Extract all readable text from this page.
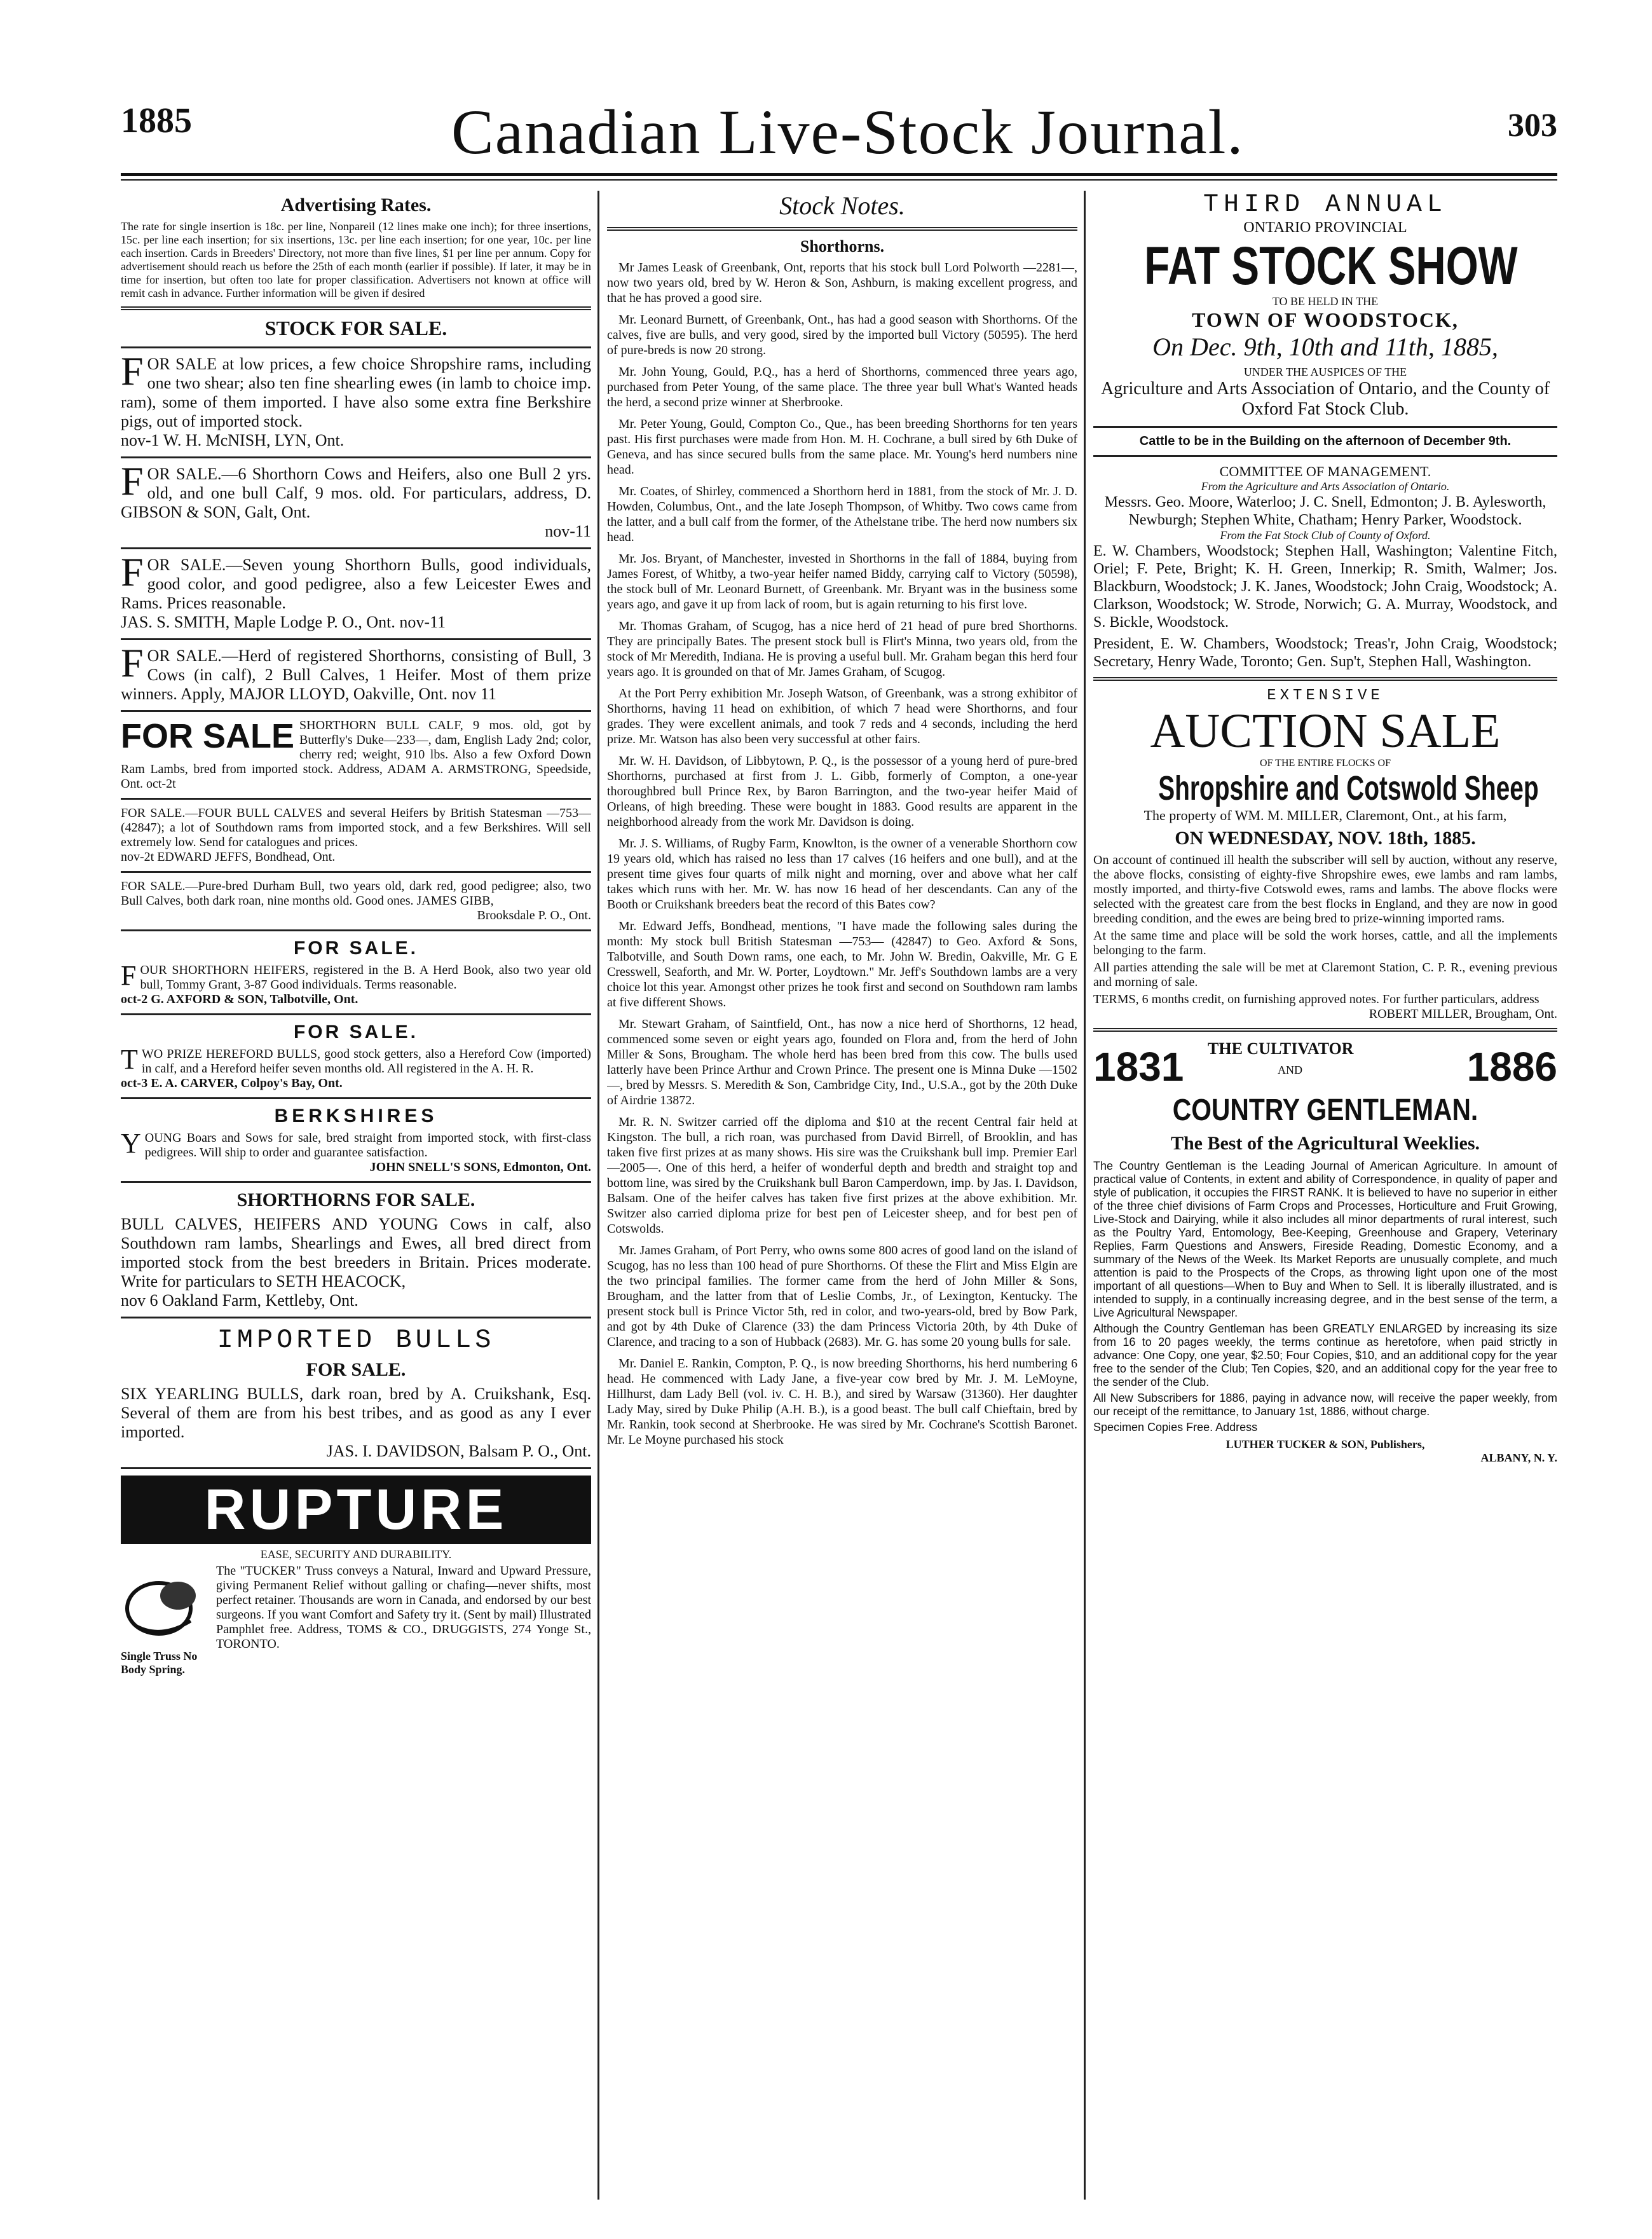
1885	Canadian Live-Stock Journal.	303
Advertising Rates.

The rate for single insertion is 18c. per line, Nonpareil (12 lines make one inch); for three insertions, 15c. per line each insertion; for six insertions, 13c. per line each insertion; for one year, 10c. per line each insertion. Cards in Breeders' Directory, not more than five lines, $1 per line per annum. Copy for advertisement should reach us before the 25th of each month (earlier if possible). If later, it may be in time for insertion, but often too late for proper classification. Advertisers not known at office will remit cash in advance. Further information will be given if desired

STOCK FOR SALE.

FOR SALE at low prices, a few choice Shropshire rams, including one two shear; also ten fine shearling ewes (in lamb to choice imp. ram), some of them imported. I have also some extra fine Berkshire pigs, out of imported stock.

nov-1 W. H. McNISH, LYN, Ont.

FOR SALE.—6 Shorthorn Cows and Heifers, also one Bull 2 yrs. old, and one bull Calf, 9 mos. old. For particulars, address, D. GIBSON & SON, Galt, Ont.

nov-11

FOR SALE.—Seven young Shorthorn Bulls, good individuals, good color, and good pedigree, also a few Leicester Ewes and Rams. Prices reasonable.

JAS. S. SMITH, Maple Lodge P. O., Ont. nov-11

FOR SALE.—Herd of registered Shorthorns, consisting of Bull, 3 Cows (in calf), 2 Bull Calves, 1 Heifer. Most of them prize winners. Apply, MAJOR LLOYD, Oakville, Ont. nov 11

FOR SALE SHORTHORN BULL CALF, 9 mos. old, got by Butterfly's Duke—233—, dam, English Lady 2nd; color, cherry red; weight, 910 lbs. Also a few Oxford Down Ram Lambs, bred from imported stock. Address, ADAM A. ARMSTRONG, Speedside, Ont. oct-2t

FOR SALE.—FOUR BULL CALVES and several Heifers by British Statesman —753— (42847); a lot of Southdown rams from imported stock, and a few Berkshires. Will sell extremely low. Send for catalogues and prices.

nov-2t EDWARD JEFFS, Bondhead, Ont.

FOR SALE.—Pure-bred Durham Bull, two years old, dark red, good pedigree; also, two Bull Calves, both dark roan, nine months old. Good ones. JAMES GIBB,

Brooksdale P. O., Ont.

FOR SALE.

FOUR SHORTHORN HEIFERS, registered in the B. A Herd Book, also two year old bull, Tommy Grant, 3-87 Good individuals. Terms reasonable.

oct-2 G. AXFORD & SON, Talbotville, Ont.

FOR SALE.

TWO PRIZE HEREFORD BULLS, good stock getters, also a Hereford Cow (imported) in calf, and a Hereford heifer seven months old. All registered in the A. H. R.

oct-3 E. A. CARVER, Colpoy's Bay, Ont.

BERKSHIRES

YOUNG Boars and Sows for sale, bred straight from imported stock, with first-class pedigrees. Will ship to order and guarantee satisfaction.

JOHN SNELL'S SONS, Edmonton, Ont.

SHORTHORNS FOR SALE.

BULL CALVES, HEIFERS AND YOUNG Cows in calf, also Southdown ram lambs, Shearlings and Ewes, all bred direct from imported stock from the best breeders in Britain. Prices moderate. Write for particulars to SETH HEACOCK,

nov 6 Oakland Farm, Kettleby, Ont.

IMPORTED BULLS
FOR SALE.

SIX YEARLING BULLS, dark roan, bred by A. Cruikshank, Esq. Several of them are from his best tribes, and as good as any I ever imported.

JAS. I. DAVIDSON, Balsam P. O., Ont.

RUPTURE
EASE, SECURITY AND DURABILITY.
Single Truss No Body Spring.

The "TUCKER" Truss conveys a Natural, Inward and Upward Pressure, giving Permanent Relief without galling or chafing—never shifts, most perfect retainer. Thousands are worn in Canada, and endorsed by our best surgeons. If you want Comfort and Safety try it. (Sent by mail) Illustrated Pamphlet free. Address, TOMS & CO., DRUGGISTS, 274 Yonge St., TORONTO.

Stock Notes.
Shorthorns.

Mr James Leask of Greenbank, Ont, reports that his stock bull Lord Polworth —2281—, now two years old, bred by W. Heron & Son, Ashburn, is making excellent progress, and that he has proved a good sire.

Mr. Leonard Burnett, of Greenbank, Ont., has had a good season with Shorthorns. Of the calves, five are bulls, and very good, sired by the imported bull Victory (50595). The herd of pure-breds is now 20 strong.

Mr. John Young, Gould, P.Q., has a herd of Shorthorns, commenced three years ago, purchased from Peter Young, of the same place. The three year bull What's Wanted heads the herd, a second prize winner at Sherbrooke.

Mr. Peter Young, Gould, Compton Co., Que., has been breeding Shorthorns for ten years past. His first purchases were made from Hon. M. H. Cochrane, a bull sired by 6th Duke of Geneva, and has since secured bulls from the same place. Mr. Young's herd numbers nine head.

Mr. Coates, of Shirley, commenced a Shorthorn herd in 1881, from the stock of Mr. J. D. Howden, Columbus, Ont., and the late Joseph Thompson, of Whitby. Two cows came from the latter, and a bull calf from the former, of the Athelstane tribe. The herd now numbers six head.

Mr. Jos. Bryant, of Manchester, invested in Shorthorns in the fall of 1884, buying from James Forest, of Whitby, a two-year heifer named Biddy, carrying calf to Victory (50598), the stock bull of Mr. Leonard Burnett, of Greenbank. Mr. Bryant was in the business some years ago, and gave it up from lack of room, but is again returning to his first love.

Mr. Thomas Graham, of Scugog, has a nice herd of 21 head of pure bred Shorthorns. They are principally Bates. The present stock bull is Flirt's Minna, two years old, from the stock of Mr Meredith, Indiana. He is proving a useful bull. Mr. Graham began this herd four years ago. It is grounded on that of Mr. James Graham, of Scugog.

At the Port Perry exhibition Mr. Joseph Watson, of Greenbank, was a strong exhibitor of Shorthorns, having 11 head on exhibition, of which 7 head were Shorthorns, and four grades. They were excellent animals, and took 7 reds and 4 seconds, including the herd prize. Mr. Watson has also been very successful at other fairs.

Mr. W. H. Davidson, of Libbytown, P. Q., is the possessor of a young herd of pure-bred Shorthorns, purchased at first from J. L. Gibb, formerly of Compton, a one-year thoroughbred bull Prince Rex, by Baron Barrington, and the two-year heifer Maid of Orleans, of high breeding. These were bought in 1883. Good results are apparent in the neighborhood already from the work Mr. Davidson is doing.

Mr. J. S. Williams, of Rugby Farm, Knowlton, is the owner of a venerable Shorthorn cow 19 years old, which has raised no less than 17 calves (16 heifers and one bull), and at the present time gives four quarts of milk night and morning, over and above what her calf takes which runs with her. Mr. W. has now 16 head of her descendants. Can any of the Booth or Cruikshank breeders beat the record of this Bates cow?

Mr. Edward Jeffs, Bondhead, mentions, "I have made the following sales during the month: My stock bull British Statesman —753— (42847) to Geo. Axford & Sons, Talbotville, and South Down rams, one each, to Mr. John W. Bredin, Oakville, Mr. G E Cresswell, Seaforth, and Mr. W. Porter, Loydtown." Mr. Jeff's Southdown lambs are a very choice lot this year. Amongst other prizes he took first and second on Southdown ram lambs at five different Shows.

Mr. Stewart Graham, of Saintfield, Ont., has now a nice herd of Shorthorns, 12 head, commenced some seven or eight years ago, founded on Flora and, from the herd of John Miller & Sons, Brougham. The whole herd has been bred from this cow. The bulls used latterly have been Prince Arthur and Crown Prince. The present one is Minna Duke —1502—, bred by Messrs. S. Meredith & Son, Cambridge City, Ind., U.S.A., got by the 20th Duke of Airdrie 13872.

Mr. R. N. Switzer carried off the diploma and $10 at the recent Central fair held at Kingston. The bull, a rich roan, was purchased from David Birrell, of Brooklin, and has taken five first prizes at as many shows. His sire was the Cruikshank bull imp. Premier Earl —2005—. One of this herd, a heifer of wonderful depth and bredth and straight top and bottom line, was sired by the Cruikshank bull Baron Camperdown, imp. by Jas. I. Davidson, Balsam. One of the heifer calves has taken five first prizes at the above exhibition. Mr. Switzer also carried diploma prize for best pen of Leicester sheep, and for best pen of Cotswolds.

Mr. James Graham, of Port Perry, who owns some 800 acres of good land on the island of Scugog, has no less than 100 head of pure Shorthorns. Of these the Flirt and Miss Elgin are the two principal families. The former came from the herd of John Miller & Sons, Brougham, and the latter from that of Leslie Combs, Jr., of Lexington, Kentucky. The present stock bull is Prince Victor 5th, red in color, and two-years-old, bred by Bow Park, and got by 4th Duke of Clarence (33) the dam Princess Victoria 20th, by 4th Duke of Clarence, and tracing to a son of Hubback (2683). Mr. G. has some 20 young bulls for sale.

Mr. Daniel E. Rankin, Compton, P. Q., is now breeding Shorthorns, his herd numbering 6 head. He commenced with Lady Jane, a five-year cow bred by Mr. J. M. LeMoyne, Hillhurst, dam Lady Bell (vol. iv. C. H. B.), and sired by Warsaw (31360). Her daughter Lady May, sired by Duke Philip (A.H. B.), is a good beast. The bull calf Chieftain, bred by Mr. Rankin, took second at Sherbrooke. He was sired by Mr. Cochrane's Scottish Baronet. Mr. Le Moyne purchased his stock

THIRD ANNUAL
ONTARIO PROVINCIAL
FAT STOCK SHOW
TO BE HELD IN THE
TOWN OF WOODSTOCK,
On Dec. 9th, 10th and 11th, 1885,
UNDER THE AUSPICES OF THE
Agriculture and Arts Association of Ontario, and the County of Oxford Fat Stock Club.
Cattle to be in the Building on the afternoon of December 9th.
COMMITTEE OF MANAGEMENT.
From the Agriculture and Arts Association of Ontario.

Messrs. Geo. Moore, Waterloo; J. C. Snell, Edmonton; J. B. Aylesworth, Newburgh; Stephen White, Chatham; Henry Parker, Woodstock.

From the Fat Stock Club of County of Oxford.

E. W. Chambers, Woodstock; Stephen Hall, Washington; Valentine Fitch, Oriel; F. Pete, Bright; K. H. Green, Innerkip; R. Smith, Walmer; Jos. Blackburn, Woodstock; J. K. Janes, Woodstock; John Craig, Woodstock; A. Clarkson, Woodstock; W. Strode, Norwich; G. A. Murray, Woodstock, and S. Bickle, Woodstock.

President, E. W. Chambers, Woodstock; Treas'r, John Craig, Woodstock; Secretary, Henry Wade, Toronto; Gen. Sup't, Stephen Hall, Washington.

EXTENSIVE
AUCTION SALE
OF THE ENTIRE FLOCKS OF
Shropshire and Cotswold Sheep
The property of WM. M. MILLER, Claremont, Ont., at his farm,
ON WEDNESDAY, NOV. 18th, 1885.

On account of continued ill health the subscriber will sell by auction, without any reserve, the above flocks, consisting of eighty-five Shropshire ewes, ewe lambs and ram lambs, mostly imported, and thirty-five Cotswold ewes, rams and lambs. The above flocks were selected with the greatest care from the best flocks in England, and they are now in good breeding condition, and the ewes are being bred to prize-winning imported rams.

At the same time and place will be sold the work horses, cattle, and all the implements belonging to the farm.

All parties attending the sale will be met at Claremont Station, C. P. R., evening previous and morning of sale.

TERMS, 6 months credit, on furnishing approved notes. For further particulars, address

ROBERT MILLER, Brougham, Ont.

1831 THE CULTIVATOR
AND	1886
COUNTRY GENTLEMAN.
The Best of the Agricultural Weeklies.

The Country Gentleman is the Leading Journal of American Agriculture. In amount of practical value of Contents, in extent and ability of Correspondence, in quality of paper and style of publication, it occupies the FIRST RANK. It is believed to have no superior in either of the three chief divisions of Farm Crops and Processes, Horticulture and Fruit Growing, Live-Stock and Dairying, while it also includes all minor departments of rural interest, such as the Poultry Yard, Entomology, Bee-Keeping, Greenhouse and Grapery, Veterinary Replies, Farm Questions and Answers, Fireside Reading, Domestic Economy, and a summary of the News of the Week. Its Market Reports are unusually complete, and much attention is paid to the Prospects of the Crops, as throwing light upon one of the most important of all questions—When to Buy and When to Sell. It is liberally illustrated, and is intended to supply, in a continually increasing degree, and in the best sense of the term, a Live Agricultural Newspaper.

Although the Country Gentleman has been GREATLY ENLARGED by increasing its size from 16 to 20 pages weekly, the terms continue as heretofore, when paid strictly in advance: One Copy, one year, $2.50; Four Copies, $10, and an additional copy for the year free to the sender of the Club; Ten Copies, $20, and an additional copy for the year free to the sender of the Club.

All New Subscribers for 1886, paying in advance now, will receive the paper weekly, from our receipt of the remittance, to January 1st, 1886, without charge.

Specimen Copies Free. Address

LUTHER TUCKER & SON, Publishers,
ALBANY, N. Y.
